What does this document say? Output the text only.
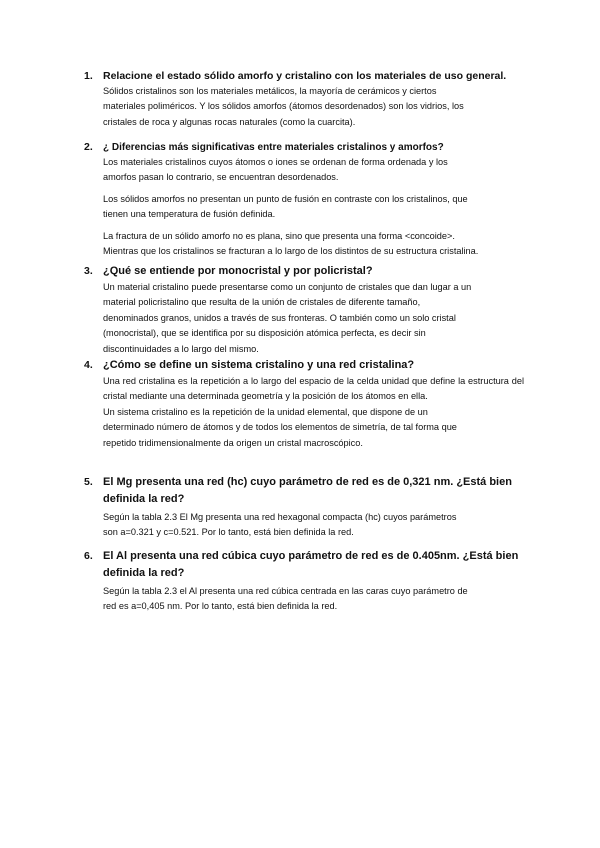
1. Relacione el estado sólido amorfo y cristalino con los materiales de uso general.
Sólidos cristalinos son los materiales metálicos, la mayoría de cerámicos y ciertos
materiales poliméricos. Y los sólidos amorfos (átomos desordenados) son los vidrios, los
cristales de roca y algunas rocas naturales (como la cuarcita).
2.	¿ Diferencias más significativas entre materiales cristalinos y amorfos?
Los materiales cristalinos cuyos átomos o iones se ordenan de forma ordenada y los
amorfos pasan lo contrario, se encuentran desordenados.
Los sólidos amorfos no presentan un punto de fusión en contraste con los cristalinos, que
tienen una temperatura de fusión definida.
La fractura de un sólido amorfo no es plana, sino que presenta una forma <concoide>.
Mientras que los cristalinos se fracturan a lo largo de los distintos de su estructura cristalina.
3. ¿Qué se entiende por monocristal y por policristal?
Un material cristalino puede presentarse como un conjunto de cristales que dan lugar a un
material policristalino que resulta de la unión de cristales de diferente tamaño,
denominados granos, unidos a través de sus fronteras. O también como un solo cristal
(monocristal), que se identifica por su disposición atómica perfecta, es decir sin
discontinuidades a lo largo del mismo.
4. ¿Cómo se define un sistema cristalino y una red cristalina?
Una red cristalina es la repetición a lo largo del espacio de la celda unidad que define la estructura del cristal mediante una determinada geometría y la posición de los átomos en ella.
Un sistema cristalino es la repetición de la unidad elemental, que dispone de un
determinado número de átomos y de todos los elementos de simetría, de tal forma que
repetido tridimensionalmente da origen un cristal macroscópico.
5. El Mg presenta una red (hc) cuyo parámetro de red es de 0,321 nm. ¿Está bien definida la red?
Según la tabla 2.3 El Mg presenta una red hexagonal compacta (hc) cuyos parámetros
son a=0.321 y c=0.521. Por lo tanto, está bien definida la red.
6. El Al presenta una red cúbica cuyo parámetro de red es de 0.405nm. ¿Está bien definida la red?
Según la tabla 2.3 el Al presenta una red cúbica centrada en las caras cuyo parámetro de
red es a=0,405 nm. Por lo tanto, está bien definida la red.
